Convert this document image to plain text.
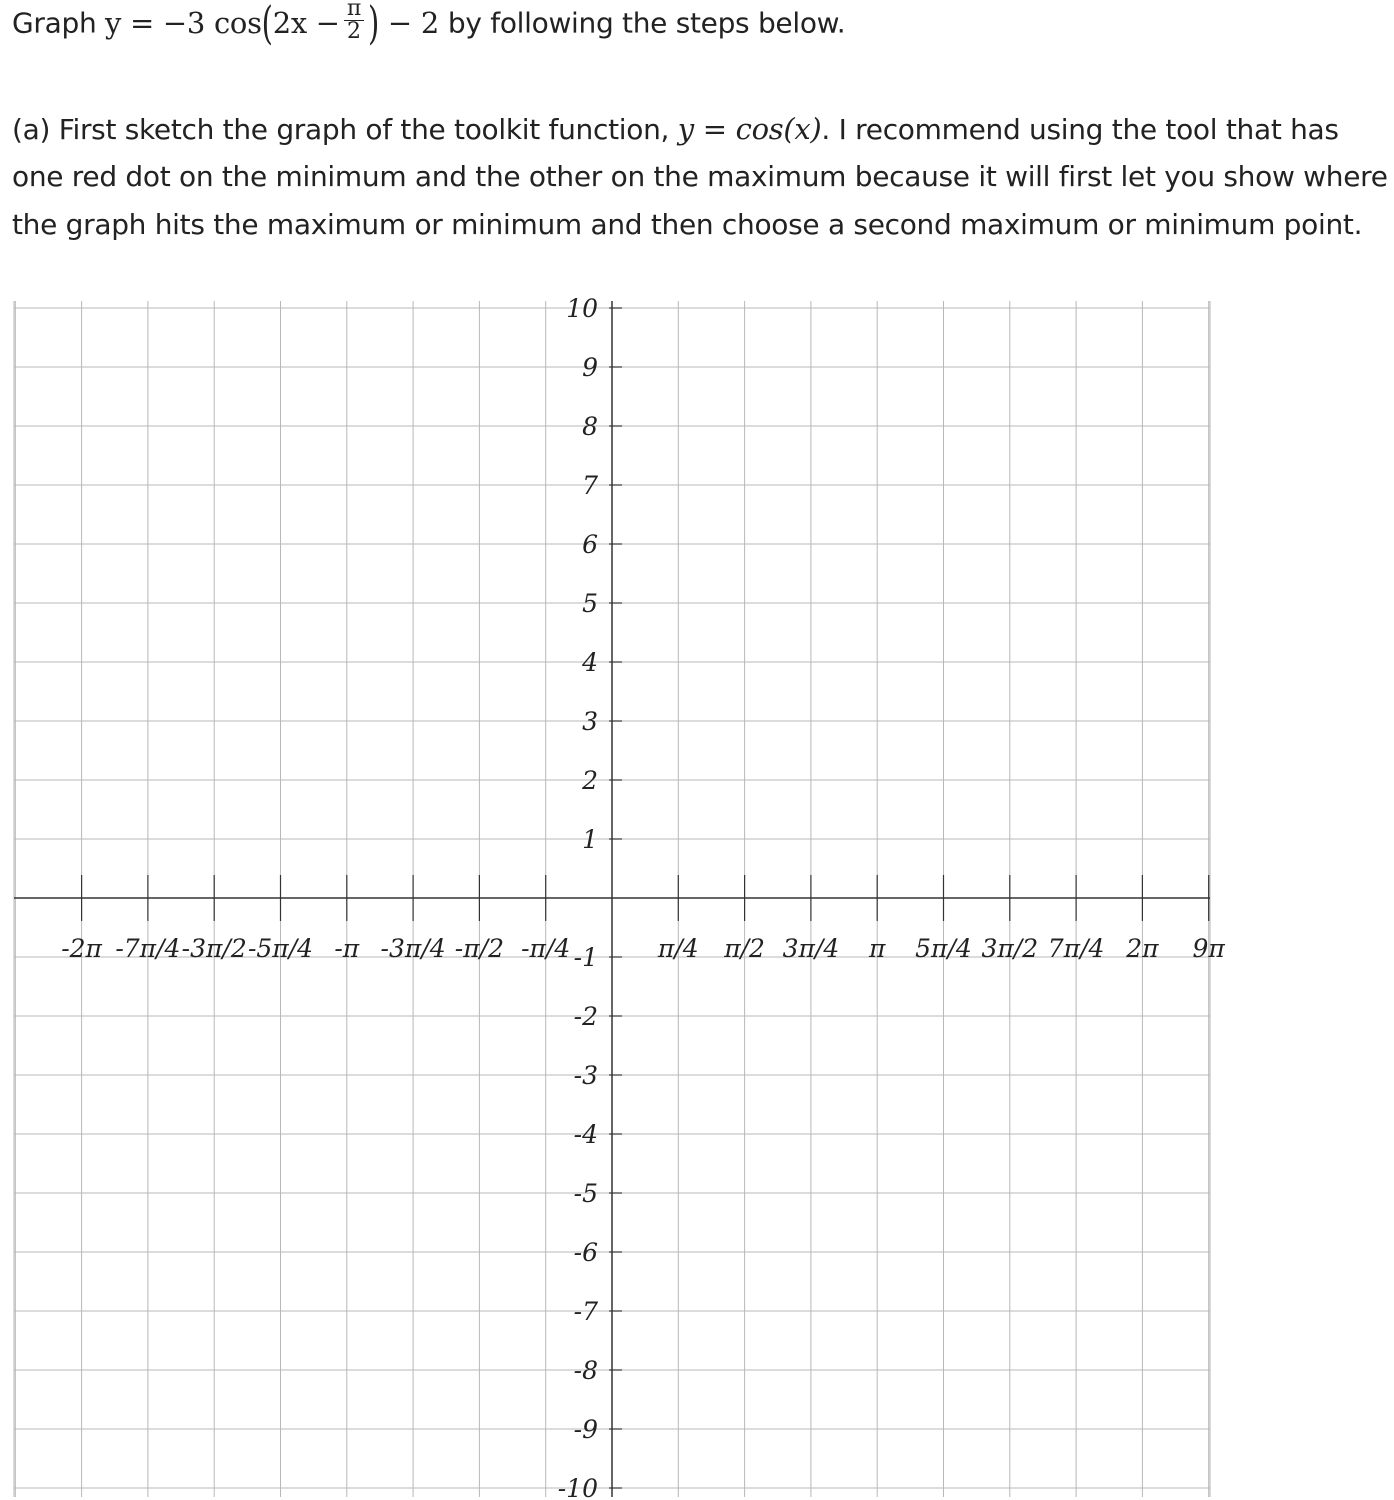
Graph y = −3 $\cos(2x - \frac{\pi}{2}$ ) − 2 by following the steps below.
(a) First sketch the graph of the toolkit function, y = cos(x). I recommend using the tool that has
one red dot on the minimum and the other on the maximum because it will first let you show where
the graph hits the maximum or minimum and then choose a second maximum or minimum point.
-2π -7π/4 -3π/2 -5π/4 -π -3π/4 -π/2 -π/4	π/4 π/2 3π/4 π 5π/4 3π/2 7π/4 2π 9π
10
9
8
7
6
5
4
3
2
1
-1
-2
-3
-4
-5
-6
-7
-8
-9
-10
